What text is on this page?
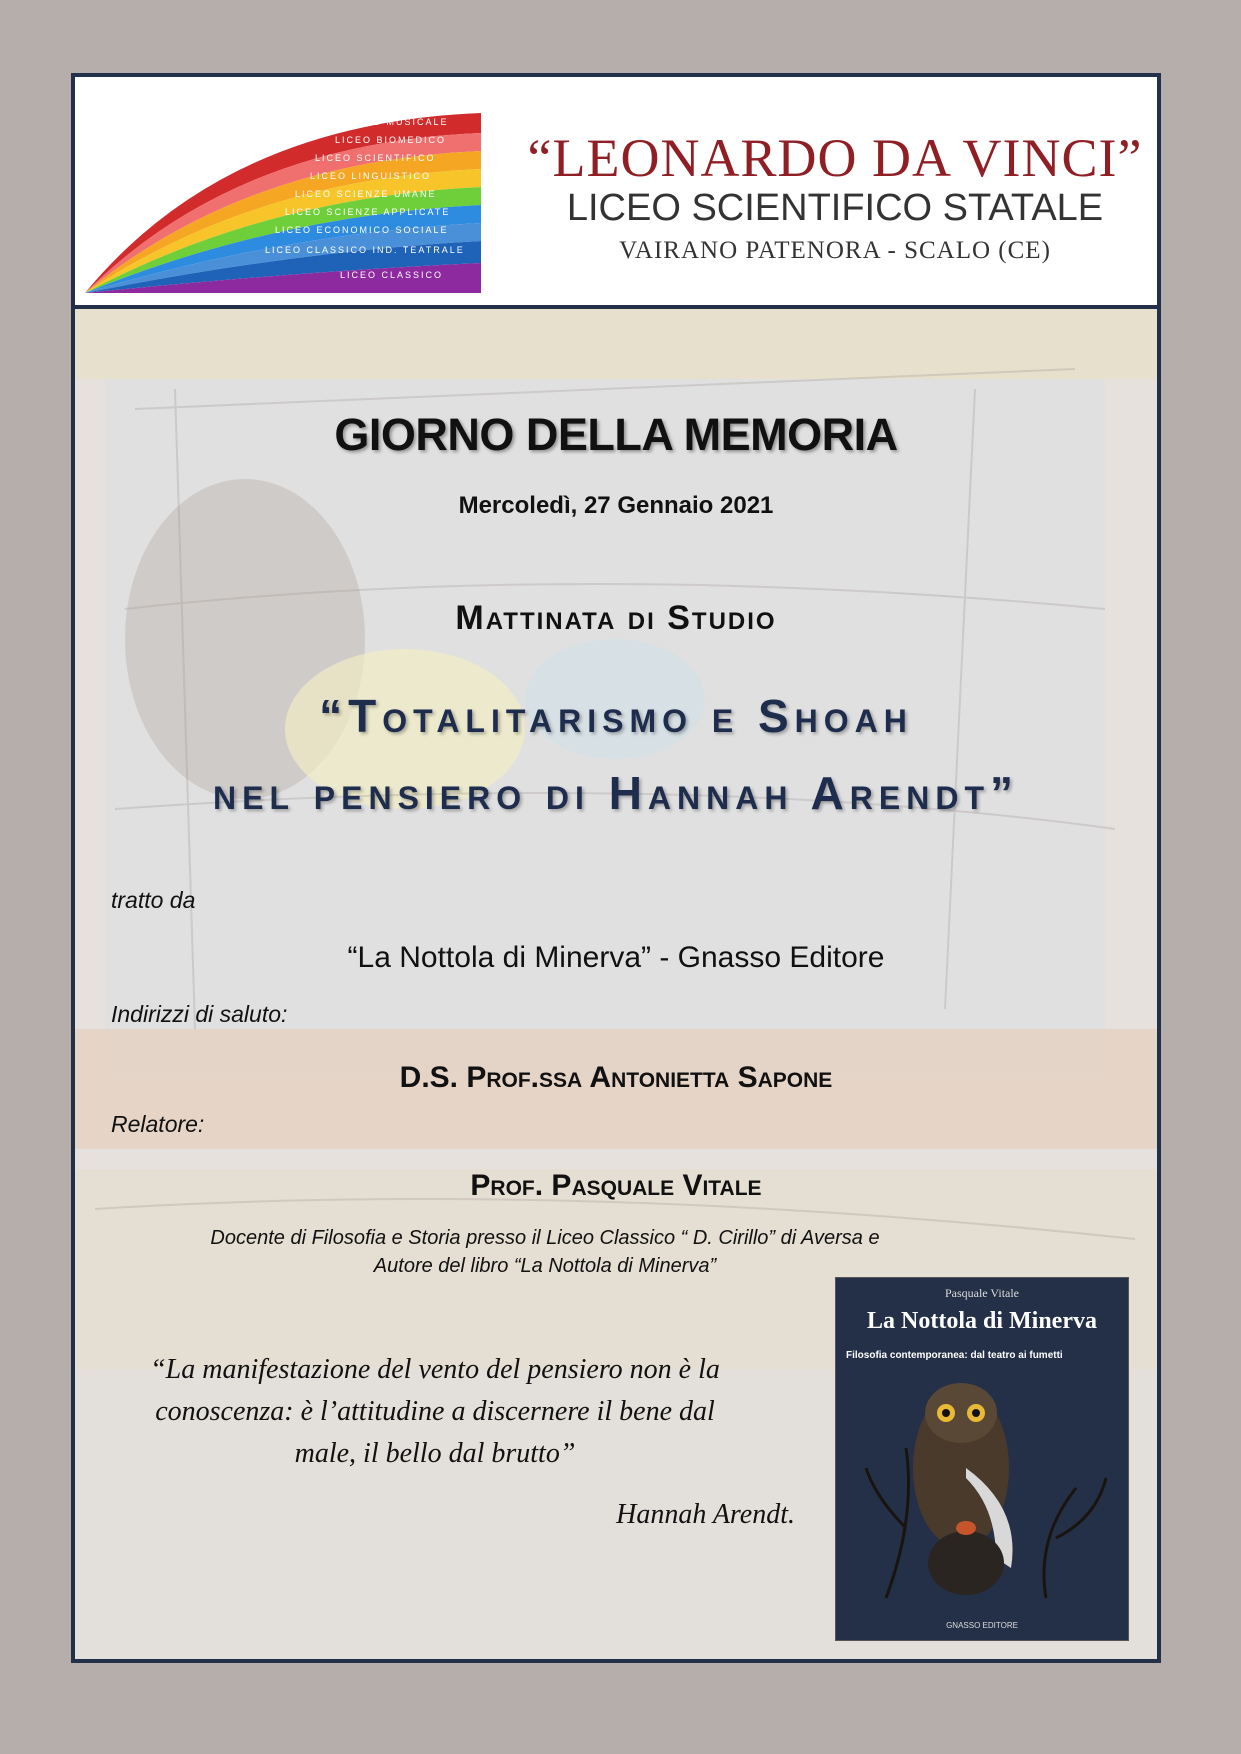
LICEO MUSICALE
LICEO BIOMEDICO
LICEO SCIENTIFICO
LICEO LINGUISTICO
LICEO SCIENZE UMANE
LICEO SCIENZE APPLICATE
LICEO ECONOMICO SOCIALE
LICEO CLASSICO IND. TEATRALE
LICEO CLASSICO
“LEONARDO DA VINCI”
LICEO SCIENTIFICO STATALE
VAIRANO PATENORA - SCALO (CE)
GIORNO DELLA MEMORIA
Mercoledì, 27 Gennaio 2021
Mattinata di Studio
“Totalitarismo e Shoah
nel pensiero di Hannah Arendt”
tratto da
“La Nottola di Minerva” - Gnasso Editore
Indirizzi di saluto:
D.S. Prof.ssa Antonietta Sapone
Relatore:
Prof. Pasquale Vitale
Docente di Filosofia e Storia presso il Liceo Classico “ D. Cirillo” di Aversa e
Autore del libro “La Nottola di Minerva”
“La manifestazione del vento del pensiero non è la
conoscenza: è l’attitudine a discernere il bene dal
male, il bello dal brutto”
Hannah Arendt.
Pasquale Vitale
La Nottola di Minerva
Filosofia contemporanea: dal teatro ai fumetti
GNASSO EDITORE
